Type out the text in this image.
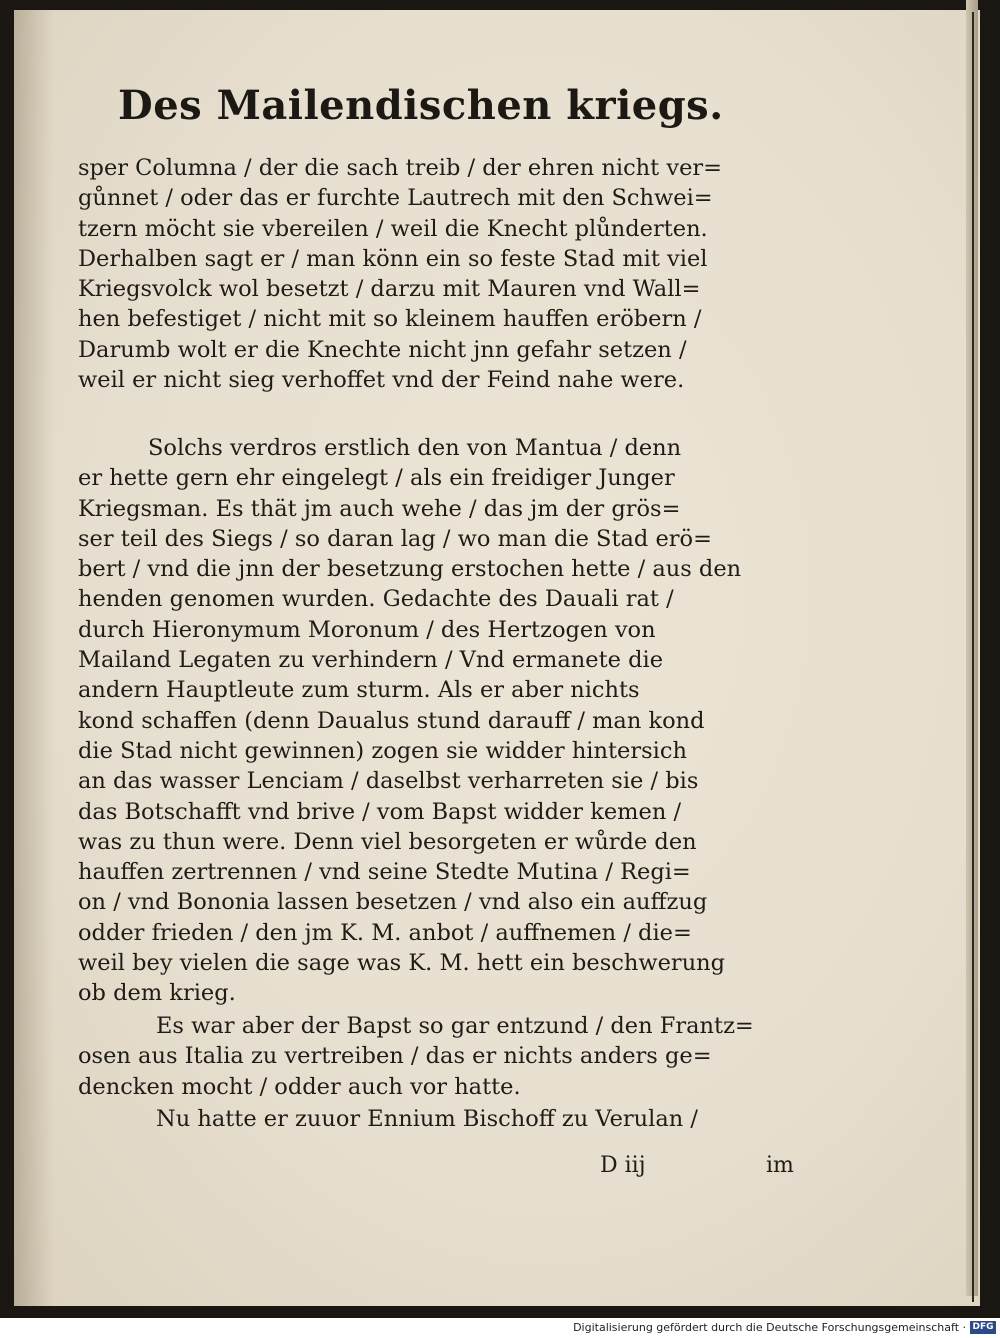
Des Mailendischen kriegs.
sper Columna / der die sach treib / der ehren nicht ver=
gůnnet / oder das er furchte Lautrech mit den Schwei=
tzern möcht sie vbereilen / weil die Knecht plůnderten.
Derhalben sagt er / man könn ein so feste Stad mit viel
Kriegsvolck wol besetzt / darzu mit Mauren vnd Wall=
hen befestiget / nicht mit so kleinem hauffen eröbern /
Darumb wolt er die Knechte nicht jnn gefahr setzen /
weil er nicht sieg verhoffet vnd der Feind nahe were.
Solchs verdros erstlich den von Mantua / denn
er hette gern ehr eingelegt / als ein freidiger Junger
Kriegsman. Es thät jm auch wehe / das jm der grös=
ser teil des Siegs / so daran lag / wo man die Stad erö=
bert / vnd die jnn der besetzung erstochen hette / aus den
henden genomen wurden. Gedachte des Dauali rat /
durch Hieronymum Moronum / des Hertzogen von
Mailand Legaten zu verhindern / Vnd ermanete die
andern Hauptleute zum sturm. Als er aber nichts
kond schaffen (denn Daualus stund darauff / man kond
die Stad nicht gewinnen) zogen sie widder hintersich
an das wasser Lenciam / daselbst verharreten sie / bis
das Botschafft vnd brive / vom Bapst widder kemen /
was zu thun were. Denn viel besorgeten er wůrde den
hauffen zertrennen / vnd seine Stedte Mutina / Regi=
on / vnd Bononia lassen besetzen / vnd also ein auffzug
odder frieden / den jm K. M. anbot / auffnemen / die=
weil bey vielen die sage was K. M. hett ein beschwerung
ob dem krieg.
Es war aber der Bapst so gar entzund / den Frantz=
osen aus Italia zu vertreiben / das er nichts anders ge=
dencken mocht / odder auch vor hatte.
Nu hatte er zuuor Ennium Bischoff zu Verulan /
D iij	im
Digitalisierung gefördert durch die Deutsche Forschungsgemeinschaft · DFG
